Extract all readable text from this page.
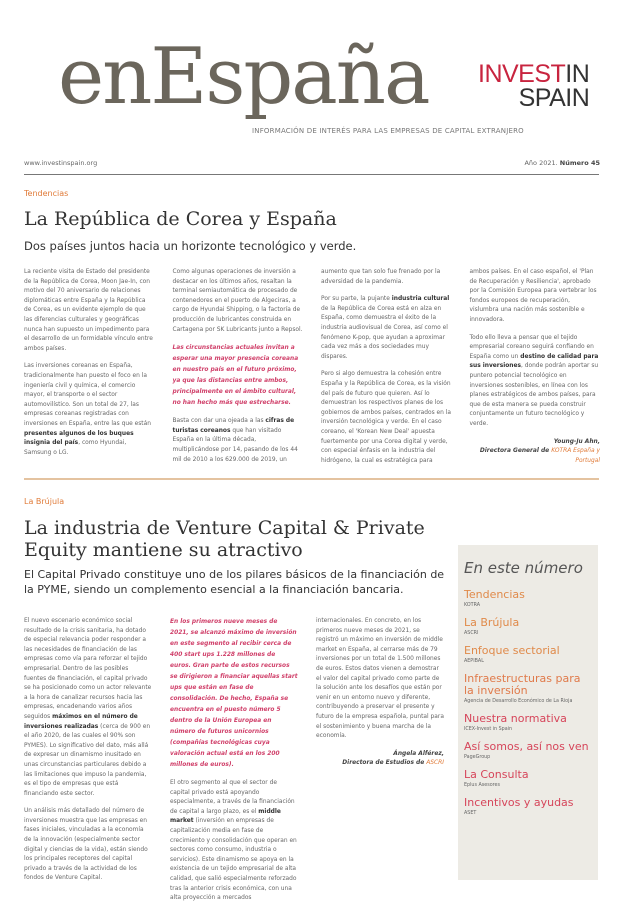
enEspaña INVESTIN
SPAIN
INFORMACIÓN DE INTERÉS PARA LAS EMPRESAS DE CAPITAL EXTRANJERO
www.investinspain.org	Año 2021. Número 45
Tendencias
La República de Corea y España
Dos países juntos hacia un horizonte tecnológico y verde.

La reciente visita de Estado del presidente de la República de Corea, Moon Jae-In, con motivo del 70 aniversario de relaciones diplomáticas entre España y la República de Corea, es un evidente ejemplo de que las diferencias culturales y geográficas nunca han supuesto un impedimento para el desarrollo de un formidable vínculo entre ambos países.

Las inversiones coreanas en España, tradicionalmente han puesto el foco en la ingeniería civil y química, el comercio mayor, el transporte o el sector automovilístico. Son un total de 27, las empresas coreanas registradas con inversiones en España, entre las que están presentes algunos de los buques insignia del país, como Hyundai, Samsung o LG.

Como algunas operaciones de inversión a destacar en los últimos años, resaltan la terminal semiautomática de procesado de contenedores en el puerto de Algeciras, a cargo de Hyundai Shipping, o la factoría de producción de lubricantes construida en Cartagena por SK Lubricants junto a Repsol.

Las circunstancias actuales invitan a esperar una mayor presencia coreana en nuestro país en el futuro próximo, ya que las distancias entre ambos, principalmente en el ámbito cultural, no han hecho más que estrecharse.

Basta con dar una ojeada a las cifras de turistas coreanos que han visitado España en la última década, multiplicándose por 14, pasando de los 44 mil de 2010 a los 629.000 de 2019, un aumento que tan solo fue frenado por la adversidad de la pandemia.

Por su parte, la pujante industria cultural de la República de Corea está en alza en España, como demuestra el éxito de la industria audiovisual de Corea, así como el fenómeno K-pop, que ayudan a aproximar cada vez más a dos sociedades muy dispares.

Pero si algo demuestra la cohesión entre España y la República de Corea, es la visión del país de futuro que quieren. Así lo demuestran los respectivos planes de los gobiernos de ambos países, centrados en la inversión tecnológica y verde. En el caso coreano, el 'Korean New Deal' apuesta fuertemente por una Corea digital y verde, con especial énfasis en la industria del hidrógeno, la cual es estratégica para ambos países. En el caso español, el 'Plan de Recuperación y Resiliencia', aprobado por la Comisión Europea para vertebrar los fondos europeos de recuperación, vislumbra una nación más sostenible e innovadora.

Todo ello lleva a pensar que el tejido empresarial coreano seguirá confiando en España como un destino de calidad para sus inversiones, donde podrán aportar su puntero potencial tecnológico en inversiones sostenibles, en línea con los planes estratégicos de ambos países, para que de esta manera se pueda construir conjuntamente un futuro tecnológico y verde.

Young-Ju Ahn,
Directora General de KOTRA España y Portugal

La Brújula
La industria de Venture Capital & Private Equity mantiene su atractivo
El Capital Privado constituye uno de los pilares básicos de la financiación de la PYME, siendo un complemento esencial a la financiación bancaria.

El nuevo escenario económico social resultado de la crisis sanitaria, ha dotado de especial relevancia poder responder a las necesidades de financiación de las empresas como vía para reforzar el tejido empresarial. Dentro de las posibles fuentes de financiación, el capital privado se ha posicionado como un actor relevante a la hora de canalizar recursos hacia las empresas, encadenando varios años seguidos máximos en el número de inversiones realizadas (cerca de 900 en el año 2020, de las cuales el 90% son PYMES). Lo significativo del dato, más allá de expresar un dinamismo inusitado en unas circunstancias particulares debido a las limitaciones que impuso la pandemia, es el tipo de empresas que está financiando este sector.

Un análisis más detallado del número de inversiones muestra que las empresas en fases iniciales, vinculadas a la economía de la innovación (especialmente sector digital y ciencias de la vida), están siendo los principales receptores del capital privado a través de la actividad de los fondos de Venture Capital.

En los primeros nueve meses de 2021, se alcanzó máximo de inversión en este segmento al recibir cerca de 400 start ups 1.228 millones de euros. Gran parte de estos recursos se dirigieron a financiar aquellas start ups que están en fase de consolidación. De hecho, España se encuentra en el puesto número 5 dentro de la Unión Europea en número de futuros unicornios (compañías tecnológicas cuya valoración actual está en los 200 millones de euros).

El otro segmento al que el sector de capital privado está apoyando especialmente, a través de la financiación de capital a largo plazo, es el middle market (inversión en empresas de capitalización media en fase de crecimiento y consolidación que operan en sectores como consumo, industria o servicios). Este dinamismo se apoya en la existencia de un tejido empresarial de alta calidad, que salió especialmente reforzado tras la anterior crisis económica, con una alta proyección a mercados internacionales. En concreto, en los primeros nueve meses de 2021, se registró un máximo en inversión de middle market en España, al cerrarse más de 79 inversiones por un total de 1.500 millones de euros. Estos datos vienen a demostrar el valor del capital privado como parte de la solución ante los desafíos que están por venir en un entorno nuevo y diferente, contribuyendo a preservar el presente y futuro de la empresa española, puntal para el sostenimiento y buena marcha de la economía.

Ángela Alférez,
Directora de Estudios de ASCRI

En este número
Tendencias
KOTRA
La Brújula
ASCRI
Enfoque sectorial
AEPIBAL
Infraestructuras para la inversión
Agencia de Desarrollo Económico de La Rioja
Nuestra normativa
ICEX-Invest in Spain
Así somos, así nos ven
PageGroup
La Consulta
Eplus Asesores
Incentivos y ayudas
ASET
